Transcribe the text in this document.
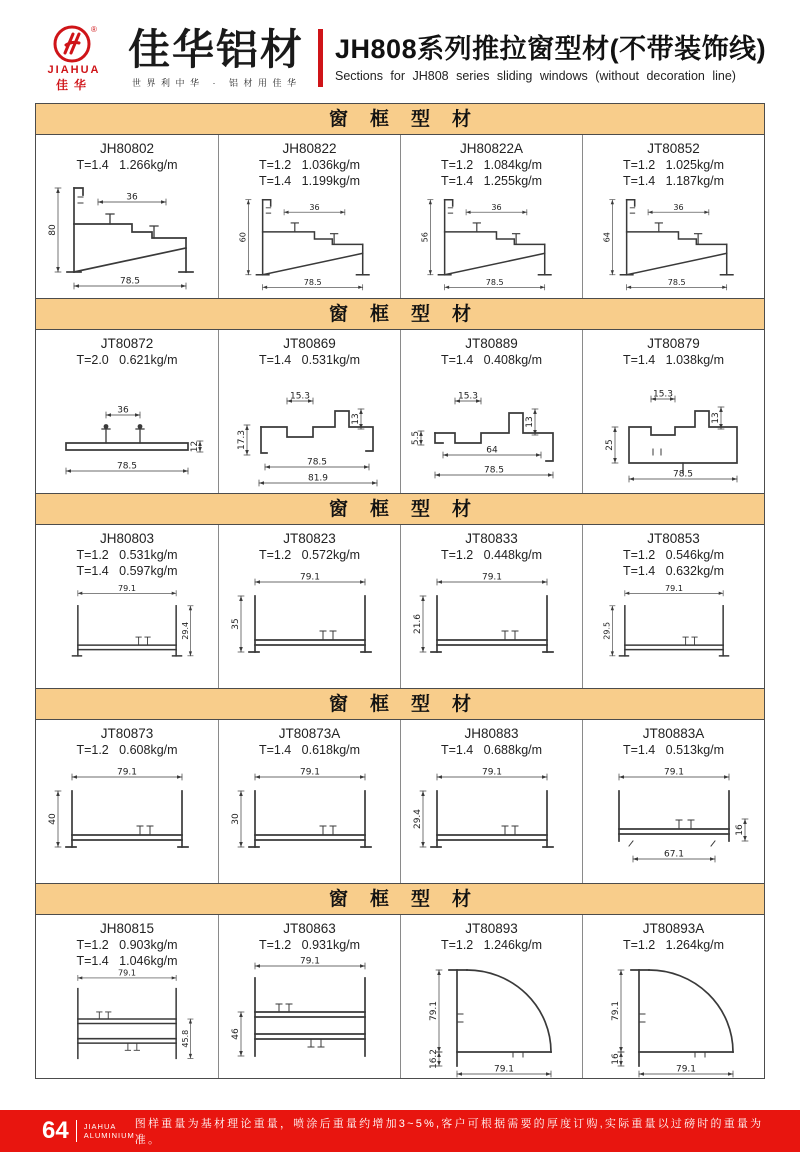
®
JIAHUA
佳华
佳华铝材
世界利中华 · 铝材用佳华
JH808系列推拉窗型材(不带装饰线)
Sections for JH808 series sliding windows (without decoration line)
窗框型材
JH80802
T=1.4   1.266kg/m
36
80
78.5
JH80822
T=1.2   1.036kg/m
T=1.4   1.199kg/m
36
60
78.5
JH80822A
T=1.2   1.084kg/m
T=1.4   1.255kg/m
36
56
78.5
JT80852
T=1.2   1.025kg/m
T=1.4   1.187kg/m
36
64
78.5
窗框型材
JT80872
T=2.0   0.621kg/m
36
12
78.5
JT80869
T=1.4   0.531kg/m
15.3
13
17.3
78.5
81.9
JT80889
T=1.4   0.408kg/m
15.3
13
5.5
64
78.5
JT80879
T=1.4   1.038kg/m
15.3
13
25
78.5
窗框型材
JH80803
T=1.2   0.531kg/m
T=1.4   0.597kg/m
79.1
29.4
JT80823
T=1.2   0.572kg/m
79.1
35
JT80833
T=1.2   0.448kg/m
79.1
21.6
JT80853
T=1.2   0.546kg/m
T=1.4   0.632kg/m
79.1
29.5
窗框型材
JT80873
T=1.2   0.608kg/m
79.1
40
JT80873A
T=1.4   0.618kg/m
79.1
30
JH80883
T=1.4   0.688kg/m
79.1
29.4
JT80883A
T=1.4   0.513kg/m
79.1
16
67.1
窗框型材
JH80815
T=1.2   0.903kg/m
T=1.4   1.046kg/m
79.1
45.8
JT80863
T=1.2   0.931kg/m
79.1
46
JT80893
T=1.2   1.246kg/m
79.1
16.2
79.1
JT80893A
T=1.2   1.264kg/m
79.1
16
79.1
64 JIAHUA
ALUMINIUM
图样重量为基材理论重量，喷涂后重量约增加3~5%,客户可根据需要的厚度订购,实际重量以过磅时的重量为准。
